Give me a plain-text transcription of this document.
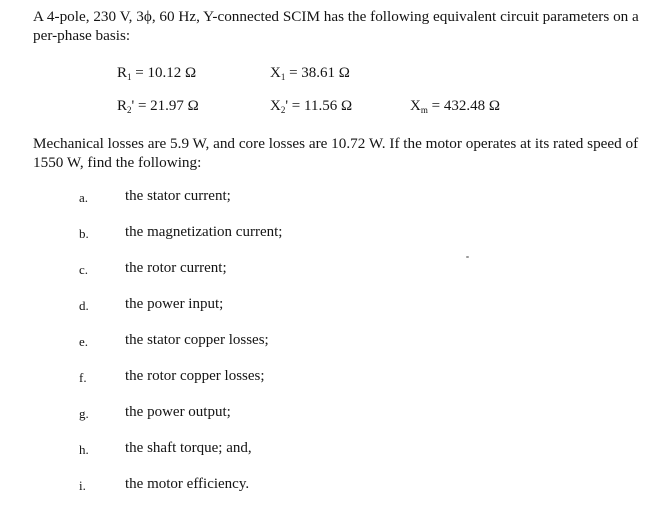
A 4-pole, 230 V, 3ϕ, 60 Hz, Y-connected SCIM has the following equivalent circuit parameters on a per-phase basis:
$R_1 = 10.12$ Ω	$X_1 = 38.61$ Ω
$R_2' = 21.97$ Ω	$X_2' = 11.56$ Ω	$X_m = 432.48$ Ω
Mechanical losses are 5.9 W, and core losses are 10.72 W. If the motor operates at its rated speed of 1550 W, find the following:
a. the stator current;
b. the magnetization current;
c. the rotor current;
d. the power input;
e. the stator copper losses;
f.	the rotor copper losses;
g. the power output;
h. the shaft torque; and,
i.	the motor efficiency.
